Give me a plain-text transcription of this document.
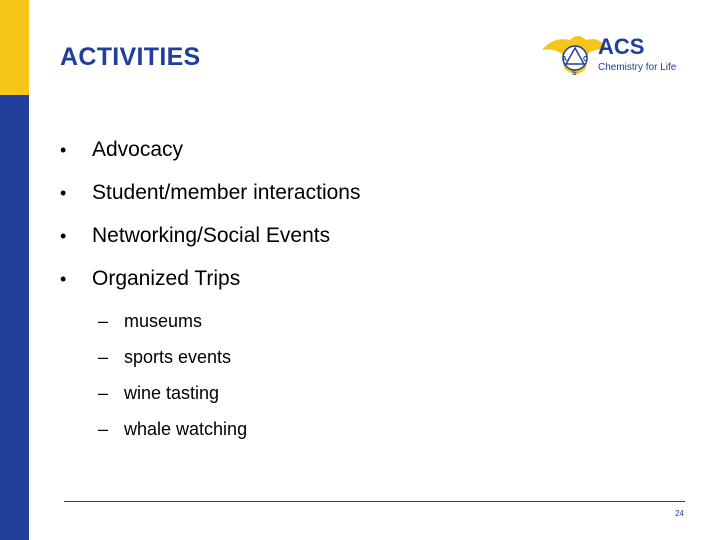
ACTIVITIES	A C
S
ACS
Chemistry for Life
•	Advocacy
•	Student/member interactions
•	Networking/Social Events
•	Organized Trips
– museums
– sports events
– wine tasting
– whale watching
24
